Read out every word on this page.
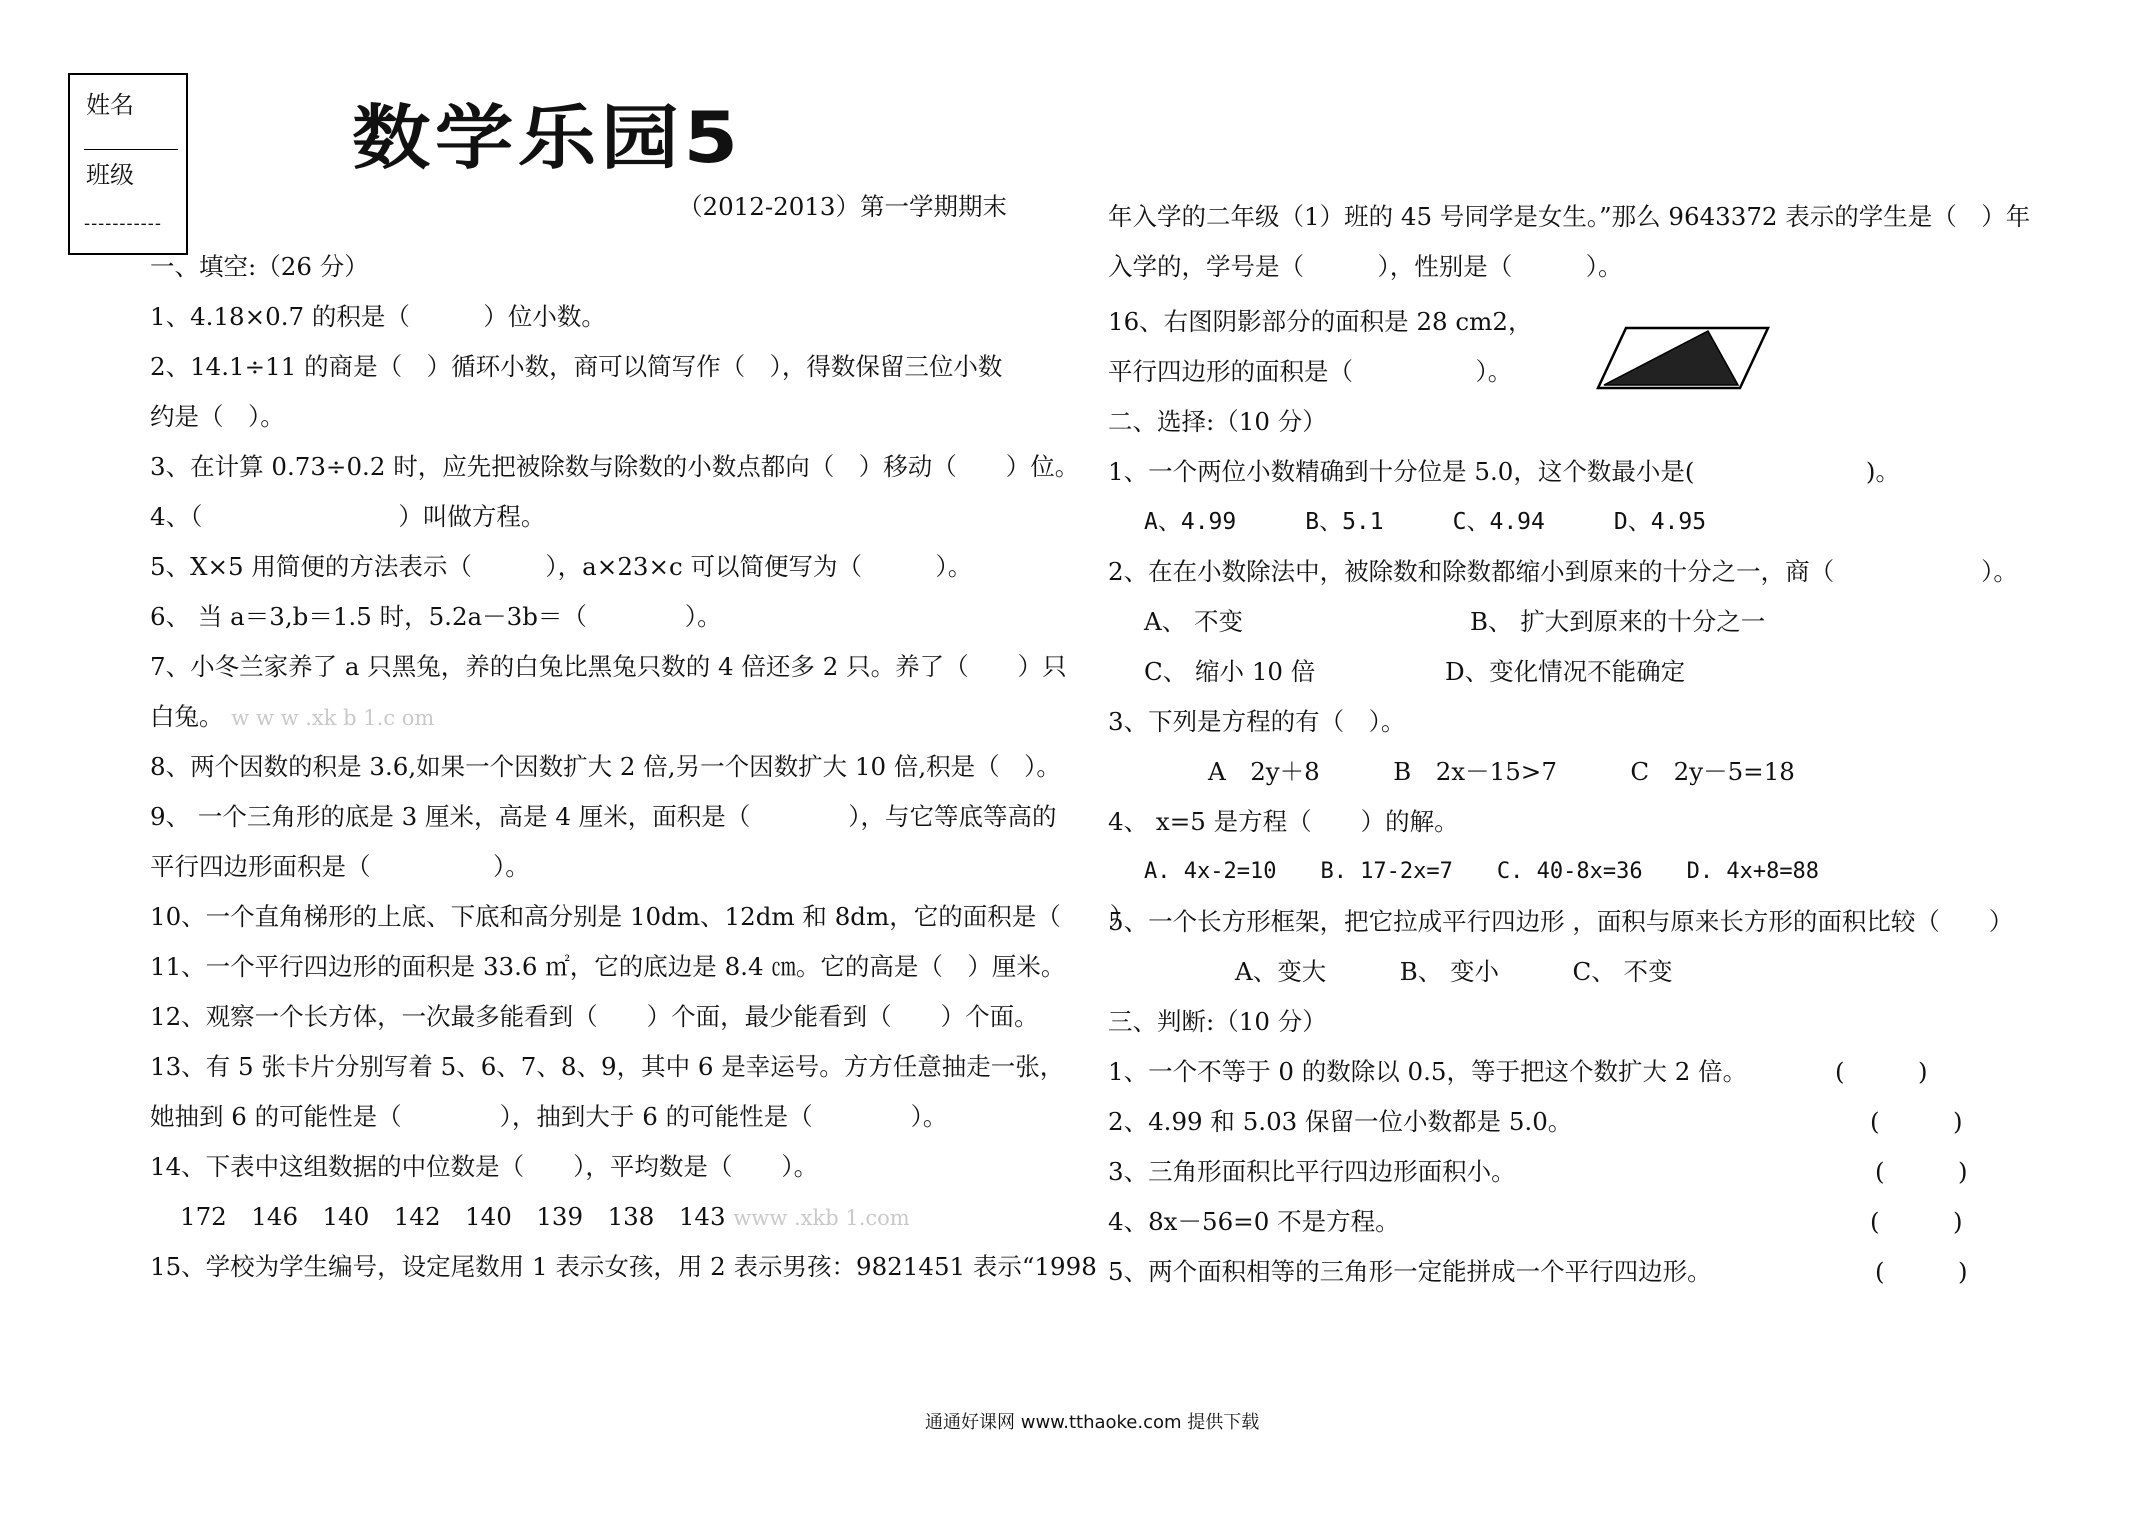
姓名
班级
-----------
数学乐园5
（2012-2013）第一学期期末
一、填空:（26 分）
1、4.18×0.7 的积是（　　　）位小数。
2、14.1÷11 的商是（　）循环小数，商可以简写作（　），得数保留三位小数
约是（　）。
3、在计算 0.73÷0.2 时，应先把被除数与除数的小数点都向（　）移动（　　）位。
4、（　　　　　　　　）叫做方程。
5、X×5 用简便的方法表示（　　　），a×23×c 可以简便写为（　　　）。
6、 当 a＝3,b＝1.5 时，5.2a－3b＝（　　　　）。
7、小冬兰家养了 a 只黑兔，养的白兔比黑兔只数的 4 倍还多 2 只。养了（　　）只
白兔。 w w w .xk b 1.c om
8、两个因数的积是 3.6,如果一个因数扩大 2 倍,另一个因数扩大 10 倍,积是（　）。
9、 一个三角形的底是 3 厘米，高是 4 厘米，面积是（　　　　），与它等底等高的
平行四边形面积是（　　　　　）。
10、一个直角梯形的上底、下底和高分别是 10dm、12dm 和 8dm，它的面积是（　　）
11、一个平行四边形的面积是 33.6 ㎡，它的底边是 8.4 ㎝。它的高是（　）厘米。
12、观察一个长方体，一次最多能看到（　　）个面，最少能看到（　　）个面。
13、有 5 张卡片分别写着 5、6、7、8、9，其中 6 是幸运号。方方任意抽走一张，
她抽到 6 的可能性是（　　　　），抽到大于 6 的可能性是（　　　　）。
14、下表中这组数据的中位数是（　　），平均数是（　　）。
172　146　140　142　140　139　138　143 www .xkb 1.com
15、学校为学生编号，设定尾数用 1 表示女孩，用 2 表示男孩：9821451 表示“1998
年入学的二年级（1）班的 45 号同学是女生。”那么 9643372 表示的学生是（　）年
入学的，学号是（　　　），性别是（　　　）。
16、右图阴影部分的面积是 28 cm2，
平行四边形的面积是（　　　　　）。
二、选择:（10 分）
1、一个两位小数精确到十分位是 5.0，这个数最小是(　　　　　　　)。
A、4.99　　　B、5.1　　　C、4.94　　　D、4.95
2、在在小数除法中，被除数和除数都缩小到原来的十分之一，商（　　　　　　）。
A、 不变	B、 扩大到原来的十分之一
C、 缩小 10 倍	D、变化情况不能确定
3、下列是方程的有（　）。
A　2y＋8　　　B　2x－15>7　　　C　2y－5=18
4、 x=5 是方程（　　）的解。
A. 4x-2=10　　B. 17-2x=7　　C. 40-8x=36　　D. 4x+8=88
5、一个长方形框架，把它拉成平行四边形 ，面积与原来长方形的面积比较（　　）
A、变大　　　B、 变小　　　C、 不变
三、判断:（10 分）
1、一个不等于 0 的数除以 0.5，等于把这个数扩大 2 倍。	(　　　)
2、4.99 和 5.03 保留一位小数都是 5.0。	(　　　)
3、三角形面积比平行四边形面积小。	(　　　)
4、8x－56=0 不是方程。	(　　　)
5、两个面积相等的三角形一定能拼成一个平行四边形。	(　　　)
通通好课网 www.tthaoke.com 提供下载
